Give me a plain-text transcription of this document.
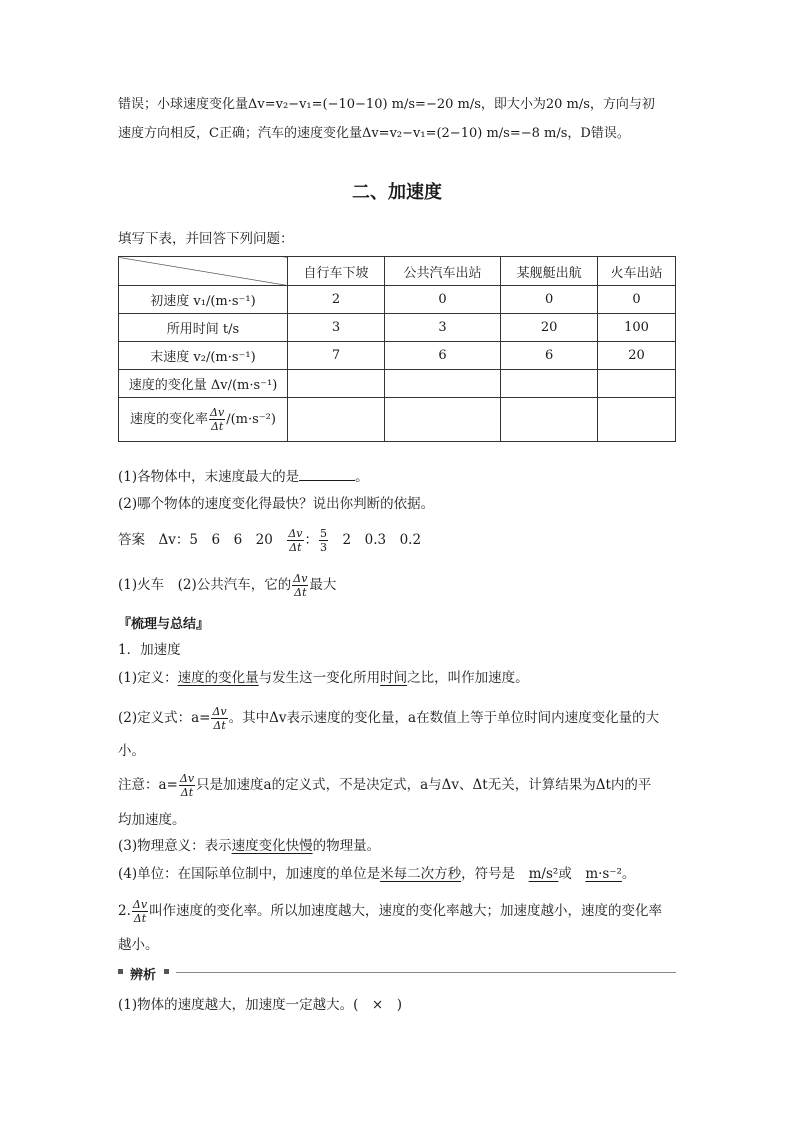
错误；小球速度变化量Δv=v₂−v₁=(−10−10) m/s=−20 m/s，即大小为20 m/s，方向与初
速度方向相反，C正确；汽车的速度变化量Δv=v₂−v₁=(2−10) m/s=−8 m/s，D错误。
二、加速度
填写下表，并回答下列问题：
	自行车下坡	公共汽车出站	某舰艇出航	火车出站
初速度 v₁/(m·s⁻¹)	2	0	0	0
所用时间 t/s	3	3	20	100
末速度 v₂/(m·s⁻¹)	7	6	6	20
速度的变化量 Δv/(m·s⁻¹)				
速度的变化率 $\frac{\Delta v}{\Delta t} /(m\cdot s^{-2})$				
(1)各物体中，末速度最大的是	。
(2)哪个物体的速度变化得最快？说出你判断的依据。
答案　 Δv：5　6　6　20　 $\frac{\Delta v}{\Delta t}$ ： $\frac{5}{3}$
　 2　0.3　0.2
(1)火车　(2)公共汽车，它的 $\frac{\Delta v}{\Delta t}$ 最大
『梳理与总结』
1．加速度
(1)定义：速度的变化量与发生这一变化所用时间之比，叫作加速度。
(2)定义式：$a= \frac{\Delta v}{\Delta t}$ 。其中Δv表示速度的变化量，a在数值上等于单位时间内速度变化量的大
小。
注意：$a= \frac{\Delta v}{\Delta t}$ 只是加速度a的定义式，不是决定式，a与Δv、Δt无关，计算结果为Δt内的平
均加速度。
(3)物理意义：表示速度变化快慢的物理量。
(4)单位：在国际单位制中，加速度的单位是米每二次方秒，符号是　 m/s²或　 m·s⁻²。
2. $\frac{\Delta v}{\Delta t}$ 叫作速度的变化率。所以加速度越大，速度的变化率越大；加速度越小，速度的变化率
越小。
辨析
(1)物体的速度越大，加速度一定越大。(　×　)
